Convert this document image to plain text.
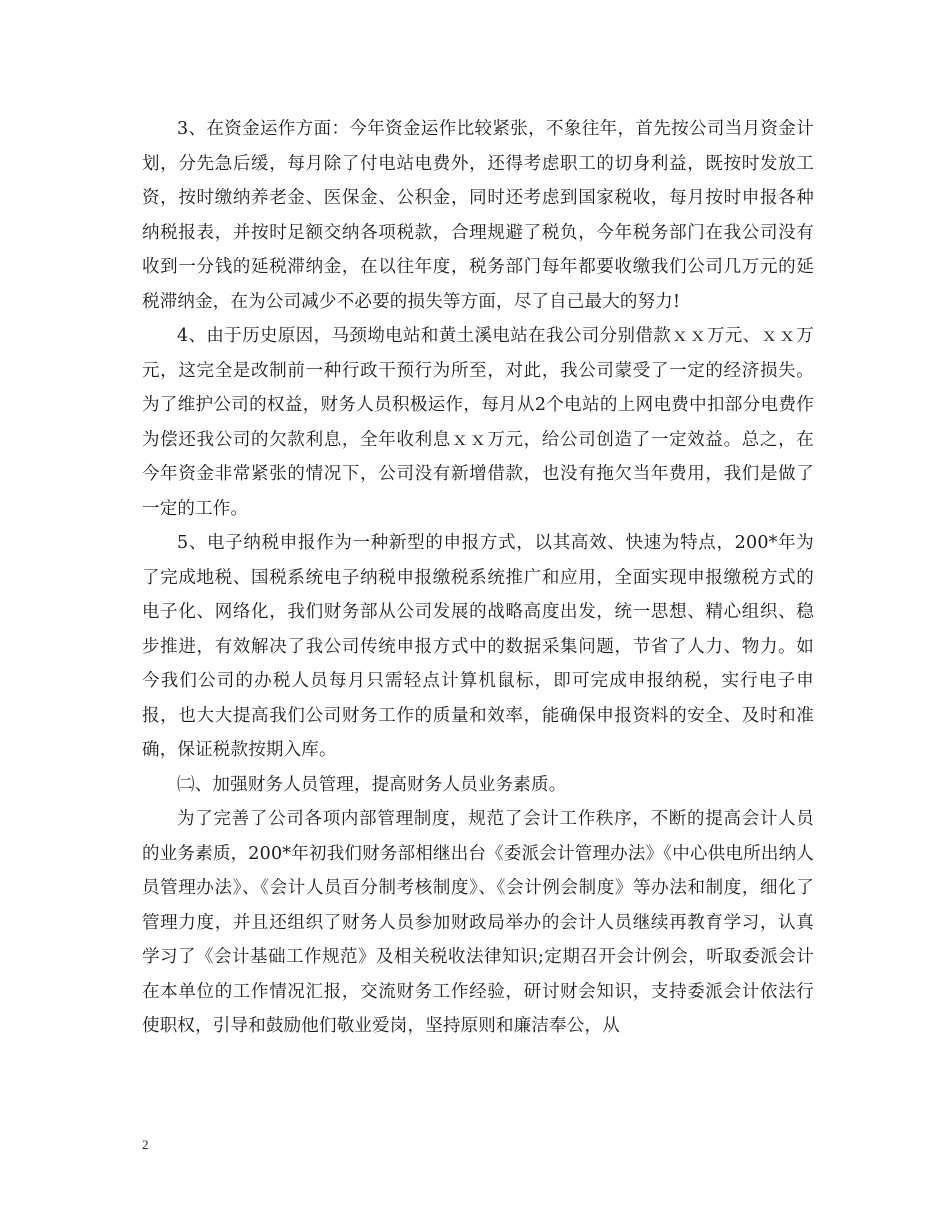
3、在资金运作方面：今年资金运作比较紧张，不象往年，首先按公司当月资金计划，分先急后缓，每月除了付电站电费外，还得考虑职工的切身利益，既按时发放工资，按时缴纳养老金、医保金、公积金，同时还考虑到国家税收，每月按时申报各种纳税报表，并按时足额交纳各项税款，合理规避了税负，今年税务部门在我公司没有收到一分钱的延税滞纳金，在以往年度，税务部门每年都要收缴我们公司几万元的延税滞纳金，在为公司减少不必要的损失等方面，尽了自己最大的努力!

4、由于历史原因，马颈坳电站和黄土溪电站在我公司分别借款ｘｘ万元、ｘｘ万元，这完全是改制前一种行政干预行为所至，对此，我公司蒙受了一定的经济损失。为了维护公司的权益，财务人员积极运作，每月从2个电站的上网电费中扣部分电费作为偿还我公司的欠款利息，全年收利息ｘｘ万元，给公司创造了一定效益。总之，在今年资金非常紧张的情况下，公司没有新增借款，也没有拖欠当年费用，我们是做了一定的工作。

5、电子纳税申报作为一种新型的申报方式，以其高效、快速为特点，200*年为了完成地税、国税系统电子纳税申报缴税系统推广和应用，全面实现申报缴税方式的电子化、网络化，我们财务部从公司发展的战略高度出发，统一思想、精心组织、稳步推进，有效解决了我公司传统申报方式中的数据采集问题，节省了人力、物力。如今我们公司的办税人员每月只需轻点计算机鼠标，即可完成申报纳税，实行电子申报，也大大提高我们公司财务工作的质量和效率，能确保申报资料的安全、及时和准确，保证税款按期入库。

㈡、加强财务人员管理，提高财务人员业务素质。

为了完善了公司各项内部管理制度，规范了会计工作秩序，不断的提高会计人员的业务素质，200*年初我们财务部相继出台《委派会计管理办法》《中心供电所出纳人员管理办法》、《会计人员百分制考核制度》、《会计例会制度》等办法和制度，细化了管理力度，并且还组织了财务人员参加财政局举办的会计人员继续再教育学习，认真学习了《会计基础工作规范》及相关税收法律知识;定期召开会计例会，听取委派会计在本单位的工作情况汇报，交流财务工作经验，研讨财会知识，支持委派会计依法行使职权，引导和鼓励他们敬业爱岗，坚持原则和廉洁奉公，从

2
